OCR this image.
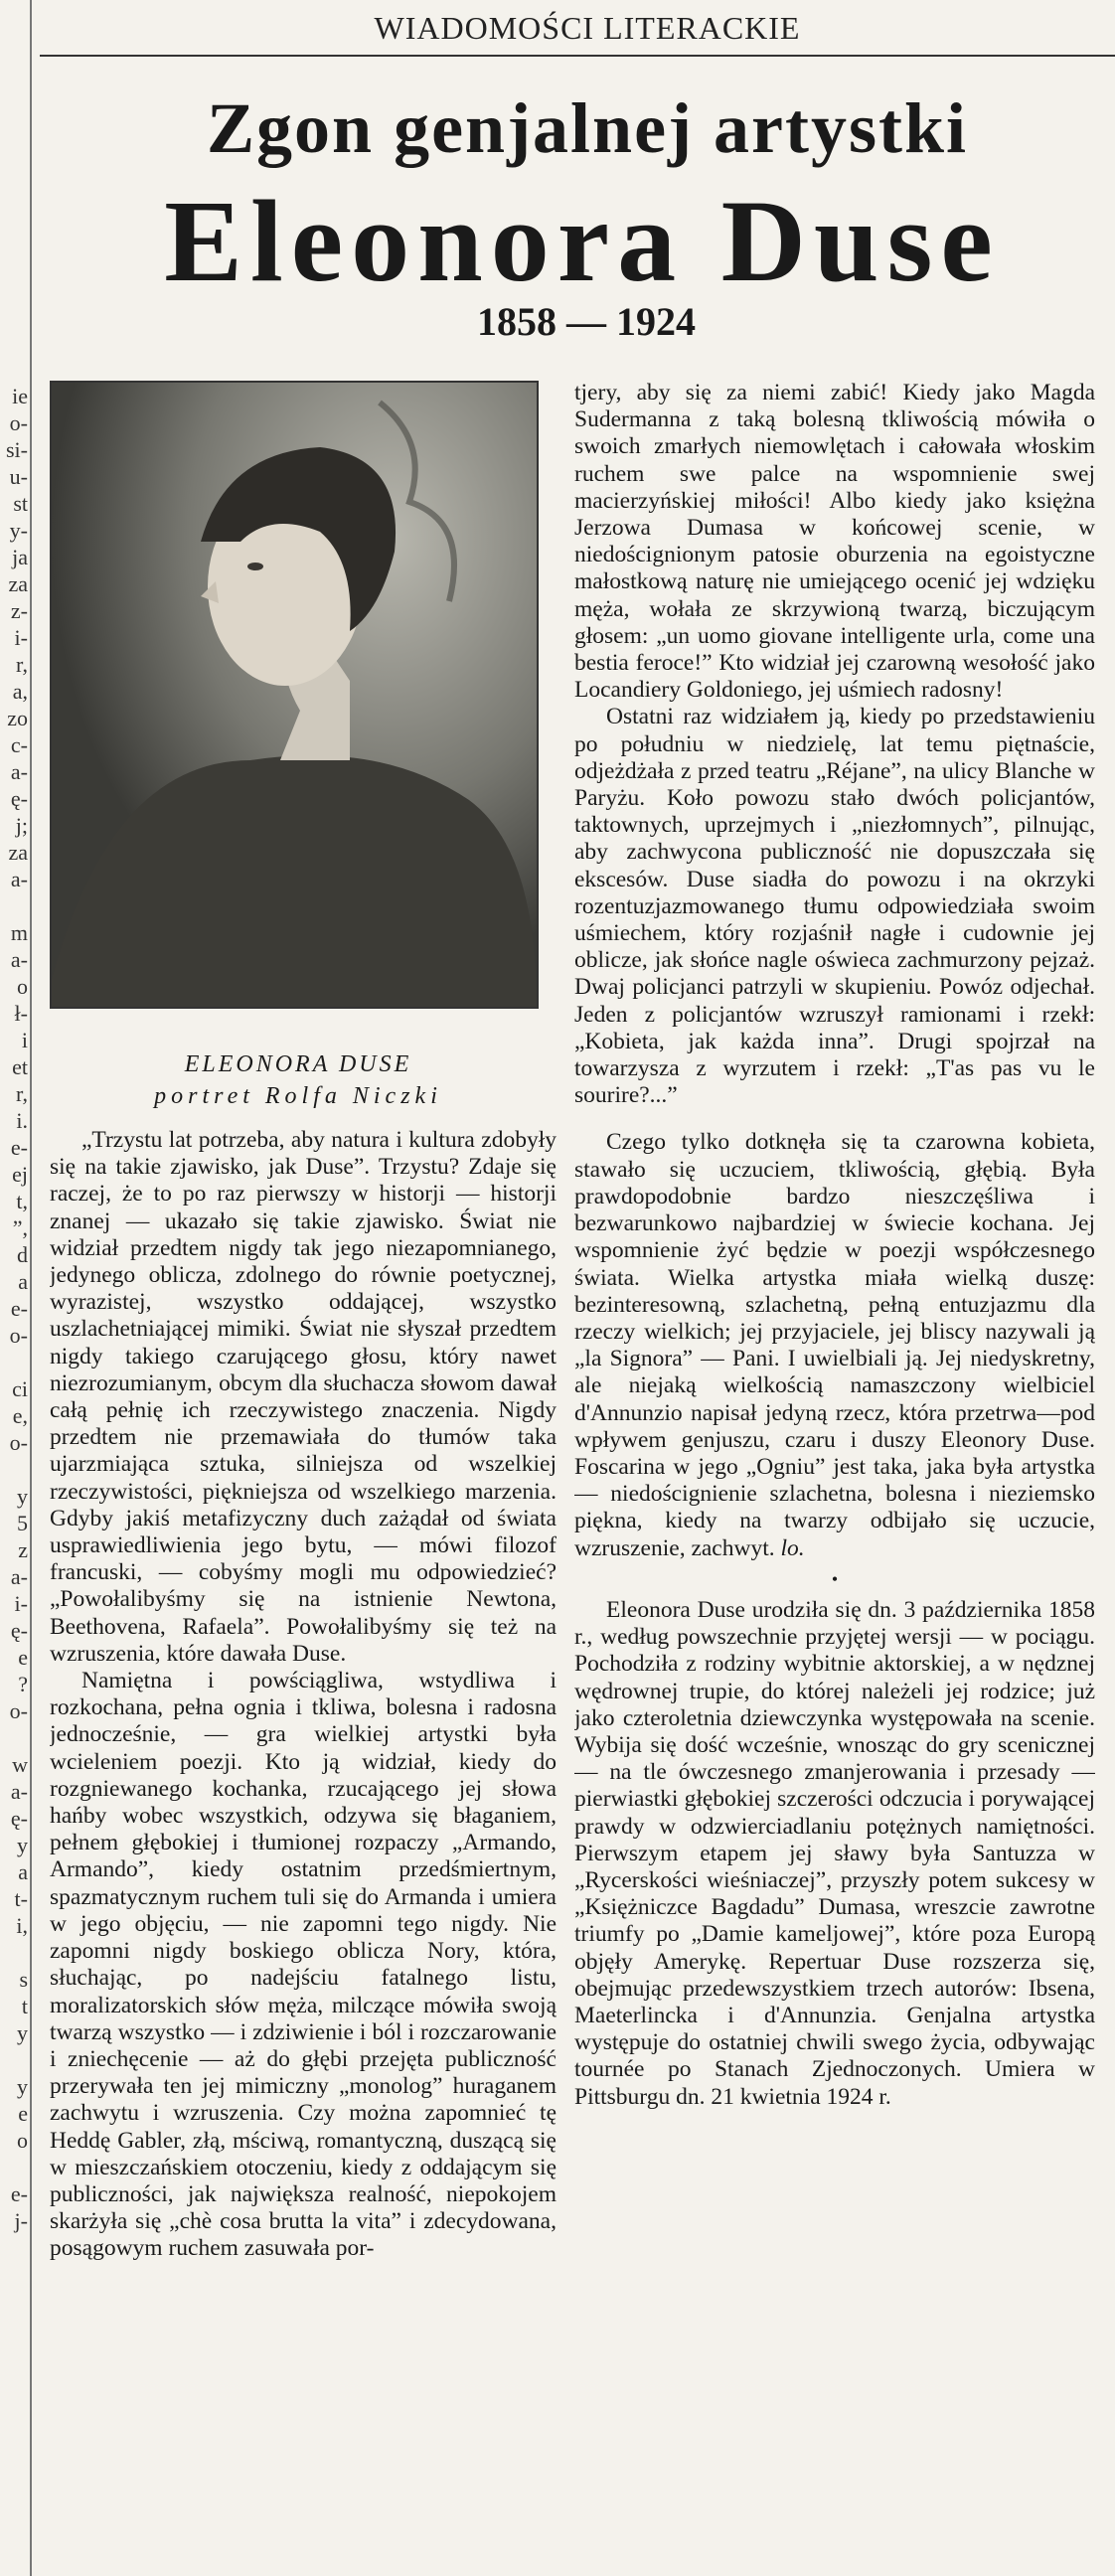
ie
o-
si-
u-
st
y-
ja
za
z-
i-
r,
a,
zo
c-
a-
ę-
j;
za
a-
m
a-
o
ł-
i
et
r,
i.
e-
ej
t,
”,
d
a
e-
o-
ci
e,
o-
y
5
z
a-
i-
ę-
e
?
o-
w
a-
ę-
y
a
t-
i,
s
t
y
y
e
o
e-
j-
WIADOMOŚCI LITERACKIE
Zgon genjalnej artystki
Eleonora Duse
1858 — 1924
ELEONORA DUSE
portret Rolfa Niczki

„Trzystu lat potrzeba, aby natura i kultura zdobyły się na takie zjawisko, jak Duse”. Trzystu? Zdaje się raczej, że to po raz pierwszy w historji — historji znanej — ukazało się takie zjawisko. Świat nie widział przedtem nigdy tak jego niezapomnianego, jedynego oblicza, zdolnego do równie poetycznej, wyrazistej, wszystko oddającej, wszystko uszlachetniającej mimiki. Świat nie słyszał przedtem nigdy takiego czarującego głosu, który nawet niezrozumianym, obcym dla słuchacza słowom dawał całą pełnię ich rzeczywistego znaczenia. Nigdy przedtem nie przemawiała do tłumów taka ujarzmiająca sztuka, silniejsza od wszelkiej rzeczywistości, piękniejsza od wszelkiego marzenia. Gdyby jakiś metafizyczny duch zażądał od świata usprawiedliwienia jego bytu, — mówi filozof francuski, — cobyśmy mogli mu odpowiedzieć? „Powołalibyśmy się na istnienie Newtona, Beethovena, Rafaela”. Powołalibyśmy się też na wzruszenia, które dawała Duse.

Namiętna i powściągliwa, wstydliwa i rozkochana, pełna ognia i tkliwa, bolesna i radosna jednocześnie, — gra wielkiej artystki była wcieleniem poezji. Kto ją widział, kiedy do rozgniewanego kochanka, rzucającego jej słowa hańby wobec wszystkich, odzywa się błaganiem, pełnem głębokiej i tłumionej rozpaczy „Armando, Armando”, kiedy ostatnim przedśmiertnym, spazmatycznym ruchem tuli się do Armanda i umiera w jego objęciu, — nie zapomni tego nigdy. Nie zapomni nigdy boskiego oblicza Nory, która, słuchając, po nadejściu fatalnego listu, moralizatorskich słów męża, milczące mówiła swoją twarzą wszystko — i zdziwienie i ból i rozczarowanie i zniechęcenie — aż do głębi przejęta publiczność przerywała ten jej mimiczny „monolog” huraganem zachwytu i wzruszenia. Czy można zapomnieć tę Heddę Gabler, złą, mściwą, romantyczną, duszącą się w mieszczańskiem otoczeniu, kiedy z oddającym się publiczności, jak największa realność, niepokojem skarżyła się „chè cosa brutta la vita” i zdecydowana, posągowym ruchem zasuwała por-

tjery, aby się za niemi zabić! Kiedy jako Magda Sudermanna z taką bolesną tkliwością mówiła o swoich zmarłych niemowlętach i całowała włoskim ruchem swe palce na wspomnienie swej macierzyńskiej miłości! Albo kiedy jako księżna Jerzowa Dumasa w końcowej scenie, w niedoścignionym patosie oburzenia na egoistyczne małostkową naturę nie umiejącego ocenić jej wdzięku męża, wołała ze skrzywioną twarzą, biczującym głosem: „un uomo giovane intelligente urla, come una bestia feroce!” Kto widział jej czarowną wesołość jako Locandiery Goldoniego, jej uśmiech radosny!

Ostatni raz widziałem ją, kiedy po przedstawieniu po południu w niedzielę, lat temu piętnaście, odjeżdżała z przed teatru „Réjane”, na ulicy Blanche w Paryżu. Koło powozu stało dwóch policjantów, taktownych, uprzejmych i „niezłomnych”, pilnując, aby zachwycona publiczność nie dopuszczała się ekscesów. Duse siadła do powozu i na okrzyki rozentuzjazmowanego tłumu odpowiedziała swoim uśmiechem, który rozjaśnił nagłe i cudownie jej oblicze, jak słońce nagle oświeca zachmurzony pejzaż. Dwaj policjanci patrzyli w skupieniu. Powóz odjechał. Jeden z policjantów wzruszył ramionami i rzekł: „Kobieta, jak każda inna”. Drugi spojrzał na towarzysza z wyrzutem i rzekł: „T'as pas vu le sourire?...”

Czego tylko dotknęła się ta czarowna kobieta, stawało się uczuciem, tkliwością, głębią. Była prawdopodobnie bardzo nieszczęśliwa i bezwarunkowo najbardziej w świecie kochana. Jej wspomnienie żyć będzie w poezji współczesnego świata. Wielka artystka miała wielką duszę: bezinteresowną, szlachetną, pełną entuzjazmu dla rzeczy wielkich; jej przyjaciele, jej bliscy nazywali ją „la Signora” — Pani. I uwielbiali ją. Jej niedyskretny, ale niejaką wielkością namaszczony wielbiciel d'Annunzio napisał jedyną rzecz, która przetrwa—pod wpływem genjuszu, czaru i duszy Eleonory Duse. Foscarina w jego „Ogniu” jest taka, jaka była artystka — niedoścignienie szlachetna, bolesna i nieziemsko piękna, kiedy na twarzy odbijało się uczucie, wzruszenie, zachwyt. lo.

•

Eleonora Duse urodziła się dn. 3 października 1858 r., według powszechnie przyjętej wersji — w pociągu. Pochodziła z rodziny wybitnie aktorskiej, a w nędznej wędrownej trupie, do której należeli jej rodzice; już jako czteroletnia dziewczynka występowała na scenie. Wybija się dość wcześnie, wnosząc do gry scenicznej — na tle ówczesnego zmanjerowania i przesady — pierwiastki głębokiej szczerości odczucia i porywającej prawdy w odzwierciadlaniu potężnych namiętności. Pierwszym etapem jej sławy była Santuzza w „Rycerskości wieśniaczej”, przyszły potem sukcesy w „Księżniczce Bagdadu” Dumasa, wreszcie zawrotne triumfy po „Damie kameljowej”, które poza Europą objęły Amerykę. Repertuar Duse rozszerza się, obejmując przedewszystkiem trzech autorów: Ibsena, Maeterlincka i d'Annunzia. Genjalna artystka występuje do ostatniej chwili swego życia, odbywając tournée po Stanach Zjednoczonych. Umiera w Pittsburgu dn. 21 kwietnia 1924 r.
